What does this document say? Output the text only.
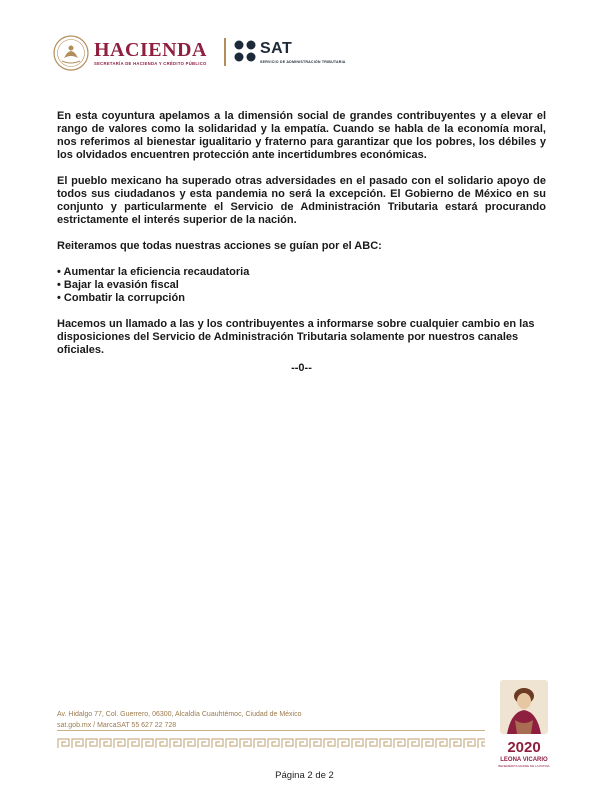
HACIENDA
SECRETARÍA DE HACIENDA Y CRÉDITO PÚBLICO
SAT
SERVICIO DE ADMINISTRACIÓN TRIBUTARIA

En esta coyuntura apelamos a la dimensión social de grandes contribuyentes y a elevar el rango de valores como la solidaridad y la empatía. Cuando se habla de la economía moral, nos referimos al bienestar igualitario y fraterno para garantizar que los pobres, los débiles y los olvidados encuentren protección ante incertidumbres económicas.

El pueblo mexicano ha superado otras adversidades en el pasado con el solidario apoyo de todos sus ciudadanos y esta pandemia no será la excepción. El Gobierno de México en su conjunto y particularmente el Servicio de Administración Tributaria estará procurando estrictamente el interés superior de la nación.

Reiteramos que todas nuestras acciones se guían por el ABC:

• Aumentar la eficiencia recaudatoria
• Bajar la evasión fiscal
• Combatir la corrupción

Hacemos un llamado a las y los contribuyentes a informarse sobre cualquier cambio en las disposiciones del Servicio de Administración Tributaria solamente por nuestros canales oficiales.

--0--

Av. Hidalgo 77, Col. Guerrero, 06300, Alcaldía Cuauhtémoc, Ciudad de México
sat.gob.mx / MarcaSAT 55 627 22 728
2020
LEONA VICARIO
BENEMÉRITA MADRE DE LA PATRIA
Página 2 de 2
